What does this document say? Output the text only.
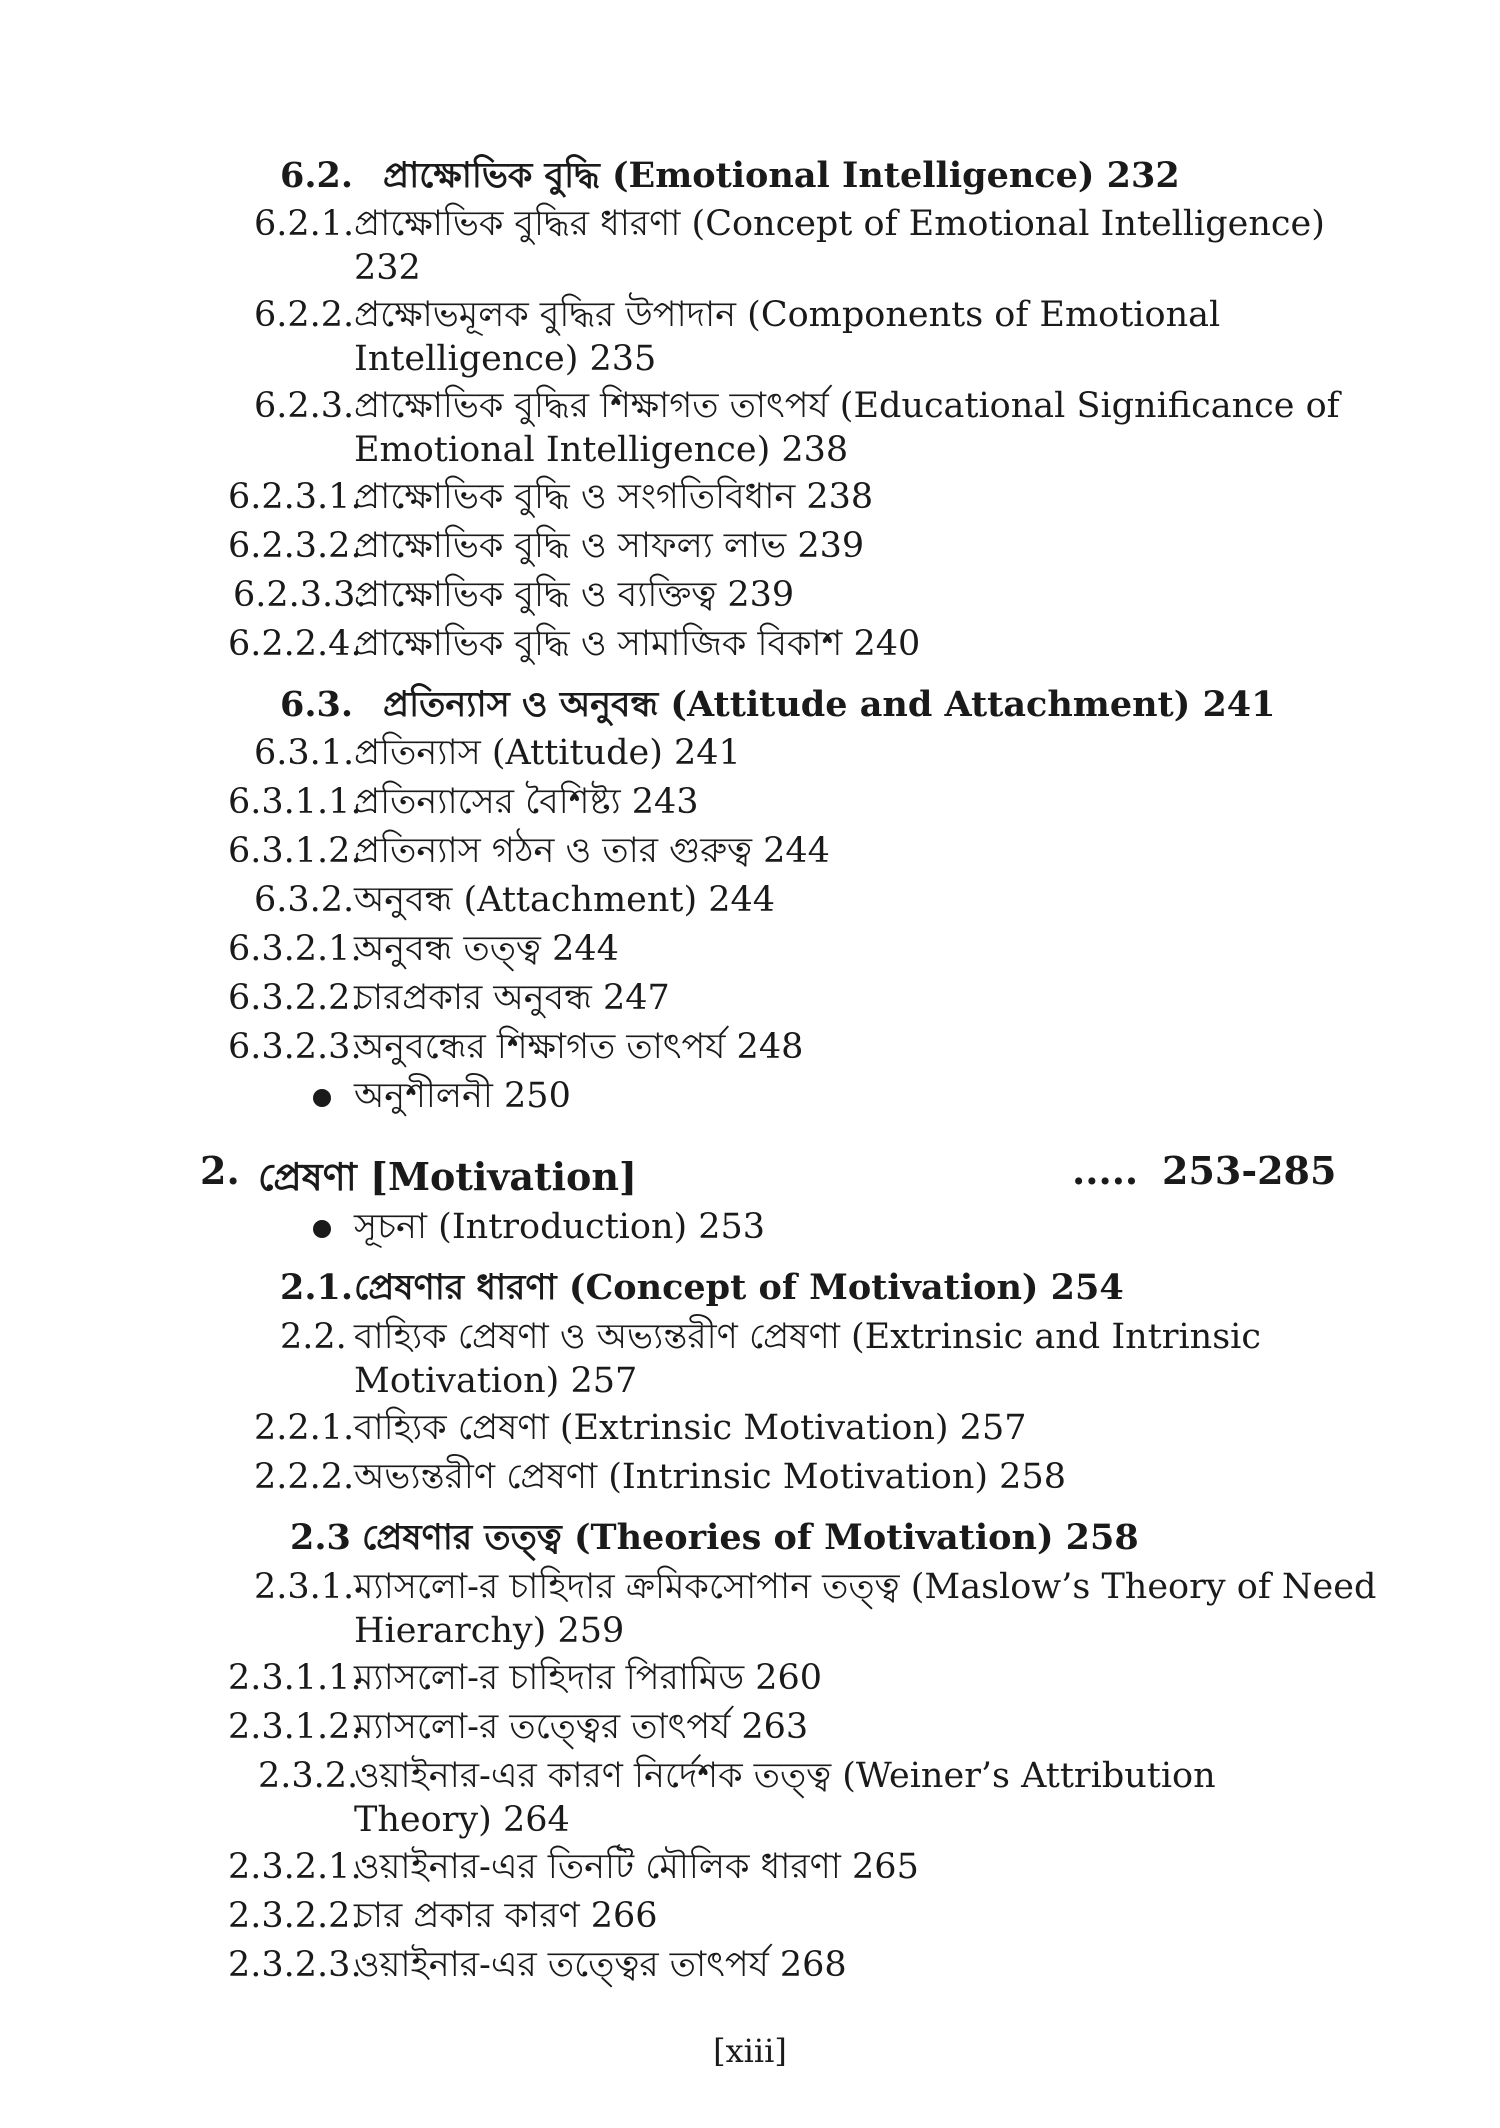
6.2. প্রাক্ষোভিক বুদ্ধি (Emotional Intelligence) 232
6.2.1. প্রাক্ষোভিক বুদ্ধির ধারণা (Concept of Emotional Intelligence)
232
6.2.2. প্রক্ষোভমূলক বুদ্ধির উপাদান (Components of Emotional
Intelligence) 235
6.2.3. প্রাক্ষোভিক বুদ্ধির শিক্ষাগত তাৎপর্য (Educational Significance of
Emotional Intelligence) 238
6.2.3.1.
প্রাক্ষোভিক বুদ্ধি ও সংগতিবিধান 238
6.2.3.2.
প্রাক্ষোভিক বুদ্ধি ও সাফল্য লাভ 239
6.2.3.3.
প্রাক্ষোভিক বুদ্ধি ও ব্যক্তিত্ব 239
6.2.2.4.
প্রাক্ষোভিক বুদ্ধি ও সামাজিক বিকাশ 240
6.3. প্রতিন্যাস ও অনুবন্ধ (Attitude and Attachment) 241
6.3.1. প্রতিন্যাস (Attitude) 241
6.3.1.1.
প্রতিন্যাসের বৈশিষ্ট্য 243
6.3.1.2.
প্রতিন্যাস গঠন ও তার গুরুত্ব 244
6.3.2. অনুবন্ধ (Attachment) 244
6.3.2.1.
অনুবন্ধ তত্ত্ব 244
6.3.2.2.
চারপ্রকার অনুবন্ধ 247
6.3.2.3.
অনুবন্ধের শিক্ষাগত তাৎপর্য 248
অনুশীলনী 250
2. প্রেষণা [Motivation]	..... 253-285
সূচনা (Introduction) 253
2.1. প্রেষণার ধারণা (Concept of Motivation) 254
2.2. বাহ্যিক প্রেষণা ও অভ্যন্তরীণ প্রেষণা (Extrinsic and Intrinsic
Motivation) 257
2.2.1. বাহ্যিক প্রেষণা (Extrinsic Motivation) 257
2.2.2. অভ্যন্তরীণ প্রেষণা (Intrinsic Motivation) 258
2.3 প্রেষণার তত্ত্ব (Theories of Motivation) 258
2.3.1. ম্যাসলো-র চাহিদার ক্রমিকসোপান তত্ত্ব (Maslow’s Theory of Need
Hierarchy) 259
2.3.1.1.
ম্যাসলো-র চাহিদার পিরামিড 260
2.3.1.2.
ম্যাসলো-র তত্ত্বের তাৎপর্য 263
2.3.2.
ওয়াইনার-এর কারণ নির্দেশক তত্ত্ব (Weiner’s Attribution
Theory) 264
2.3.2.1.
ওয়াইনার-এর তিনটি মৌলিক ধারণা 265
2.3.2.2.
চার প্রকার কারণ 266
2.3.2.3.
ওয়াইনার-এর তত্ত্বের তাৎপর্য 268
[xiii]
